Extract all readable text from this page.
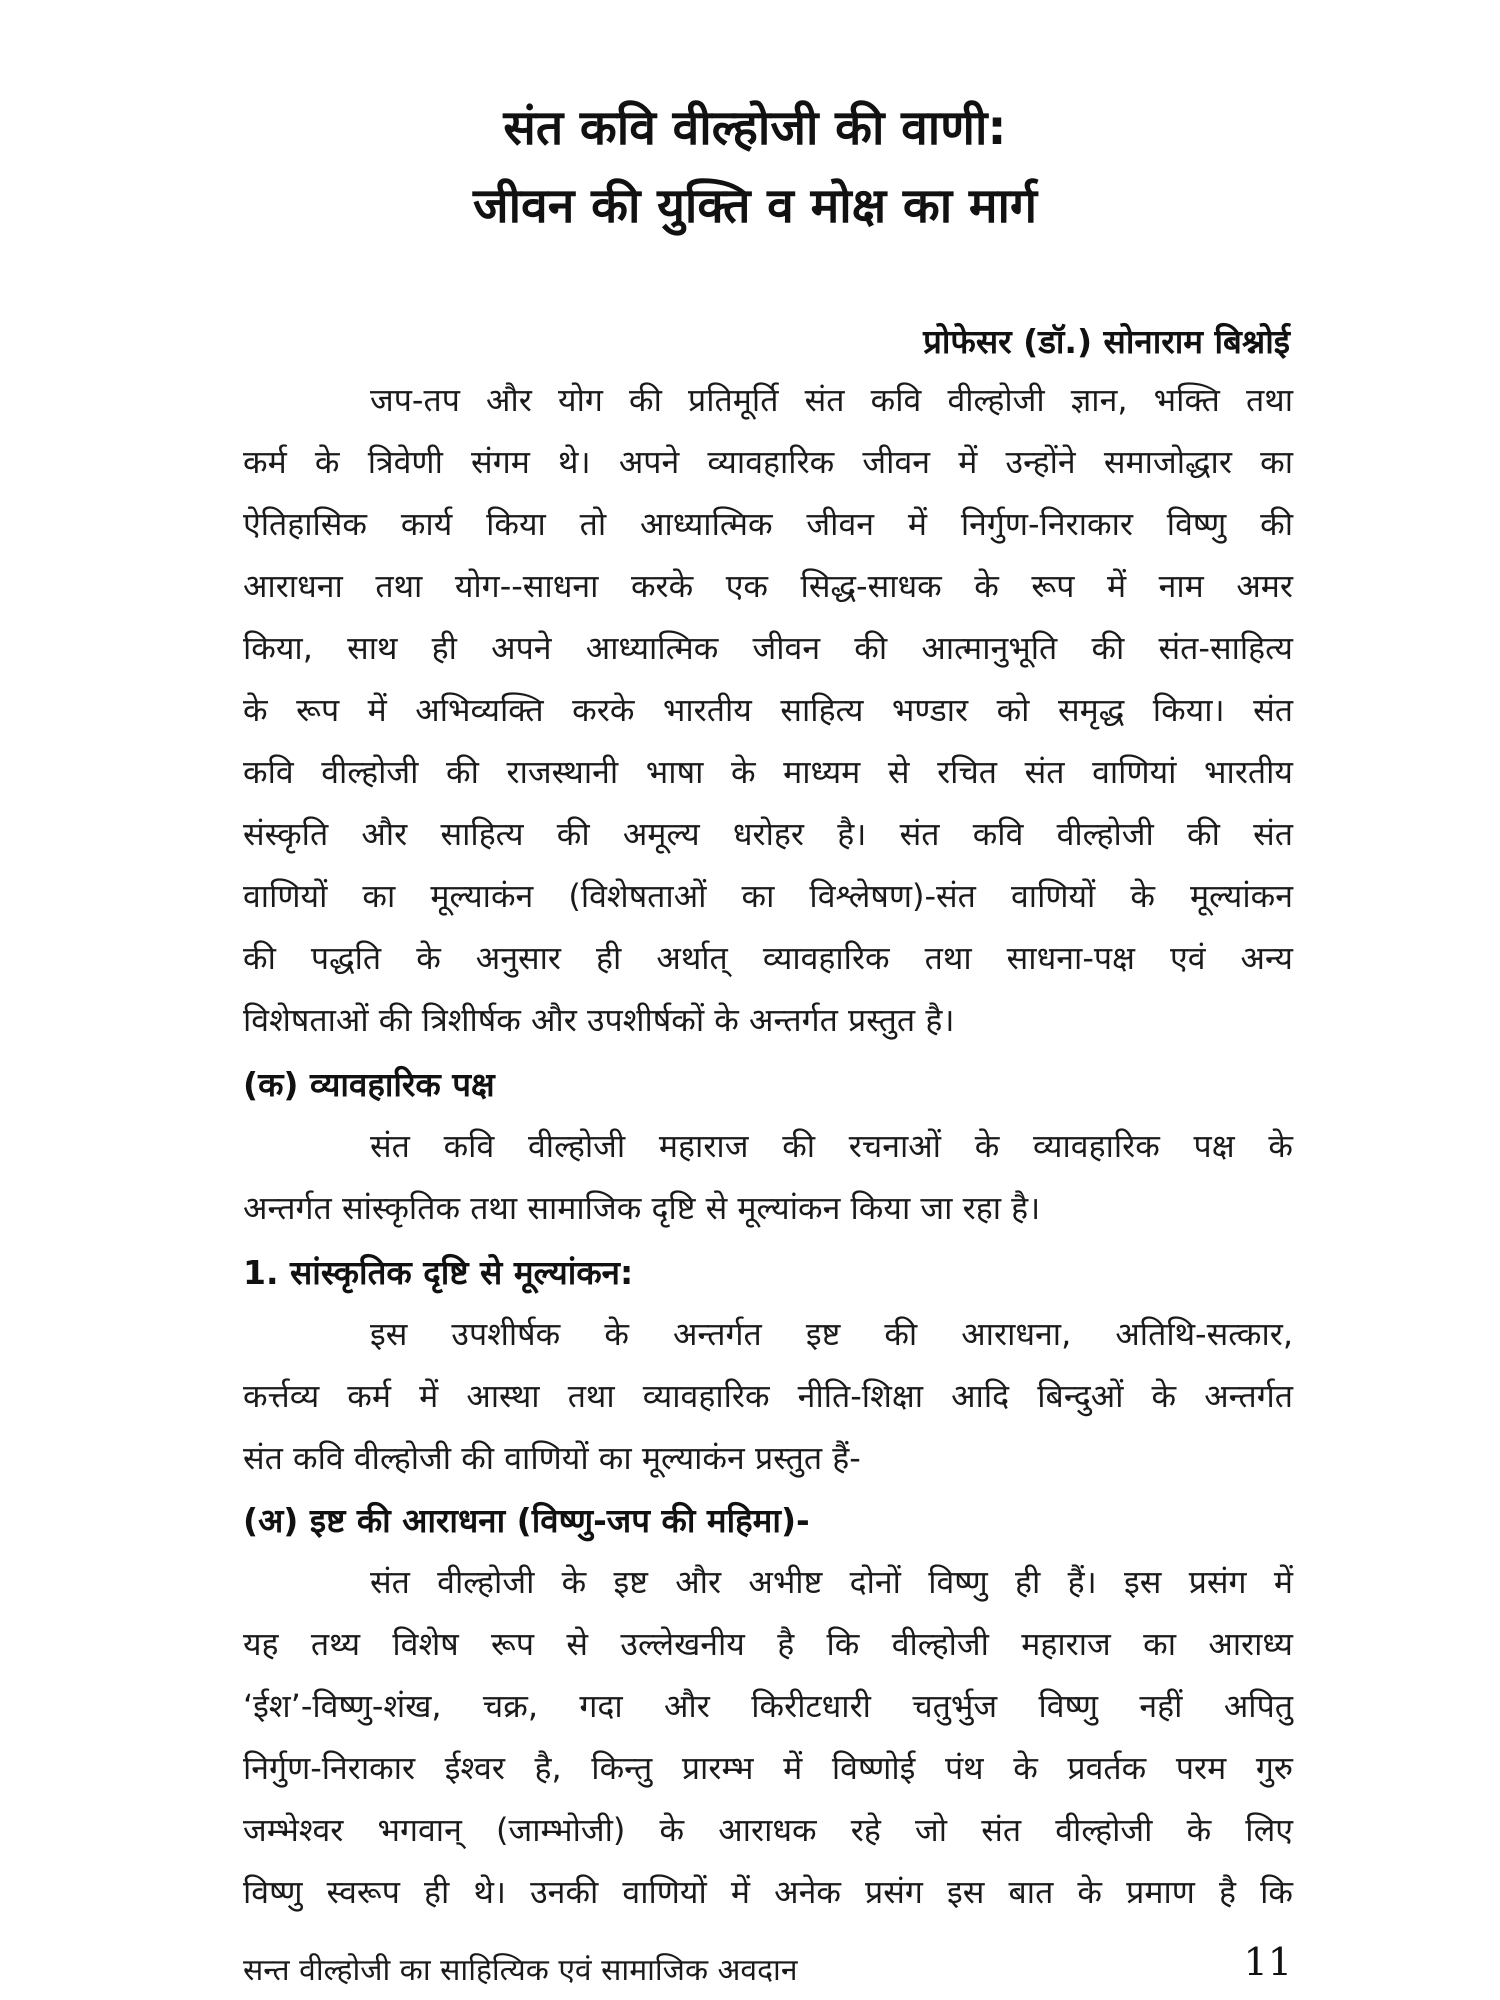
संत कवि वील्होजी की वाणी:
जीवन की युक्ति व मोक्ष का मार्ग
प्रोफेसर (डॉ.) सोनाराम बिश्नोई
जप-तप और योग की प्रतिमूर्ति संत कवि वील्होजी ज्ञान, भक्ति तथा
कर्म के त्रिवेणी संगम थे। अपने व्यावहारिक जीवन में उन्होंने समाजोद्धार का
ऐतिहासिक कार्य किया तो आध्यात्मिक जीवन में निर्गुण-निराकार विष्णु की
आराधना तथा योग--साधना करके एक सिद्ध-साधक के रूप में नाम अमर
किया, साथ ही अपने आध्यात्मिक जीवन की आत्मानुभूति की संत-साहित्य
के रूप में अभिव्यक्ति करके भारतीय साहित्य भण्डार को समृद्ध किया। संत
कवि वील्होजी की राजस्थानी भाषा के माध्यम से रचित संत वाणियां भारतीय
संस्कृति और साहित्य की अमूल्य धरोहर है। संत कवि वील्होजी की संत
वाणियों का मूल्याकंन (विशेषताओं का विश्लेषण)-संत वाणियों के मूल्यांकन
की पद्धति के अनुसार ही अर्थात् व्यावहारिक तथा साधना-पक्ष एवं अन्य
विशेषताओं की त्रिशीर्षक और उपशीर्षकों के अन्तर्गत प्रस्तुत है।
(क) व्यावहारिक पक्ष
संत कवि वील्होजी महाराज की रचनाओं के व्यावहारिक पक्ष के
अन्तर्गत सांस्कृतिक तथा सामाजिक दृष्टि से मूल्यांकन किया जा रहा है।
1. सांस्कृतिक दृष्टि से मूल्यांकन:
इस उपशीर्षक के अन्तर्गत इष्ट की आराधना, अतिथि-सत्कार,
कर्त्तव्य कर्म में आस्था तथा व्यावहारिक नीति-शिक्षा आदि बिन्दुओं के अन्तर्गत
संत कवि वील्होजी की वाणियों का मूल्याकंन प्रस्तुत हैं-
(अ) इष्ट की आराधना (विष्णु-जप की महिमा)-
संत वील्होजी के इष्ट और अभीष्ट दोनों विष्णु ही हैं। इस प्रसंग में
यह तथ्य विशेष रूप से उल्लेखनीय है कि वील्होजी महाराज का आराध्य
‘ईश’-विष्णु-शंख, चक्र, गदा और किरीटधारी चतुर्भुज विष्णु नहीं अपितु
निर्गुण-निराकार ईश्वर है, किन्तु प्रारम्भ में विष्णोई पंथ के प्रवर्तक परम गुरु
जम्भेश्वर भगवान् (जाम्भोजी) के आराधक रहे जो संत वील्होजी के लिए
विष्णु स्वरूप ही थे। उनकी वाणियों में अनेक प्रसंग इस बात के प्रमाण है कि
सन्त वील्होजी का साहित्यिक एवं सामाजिक अवदान	11
